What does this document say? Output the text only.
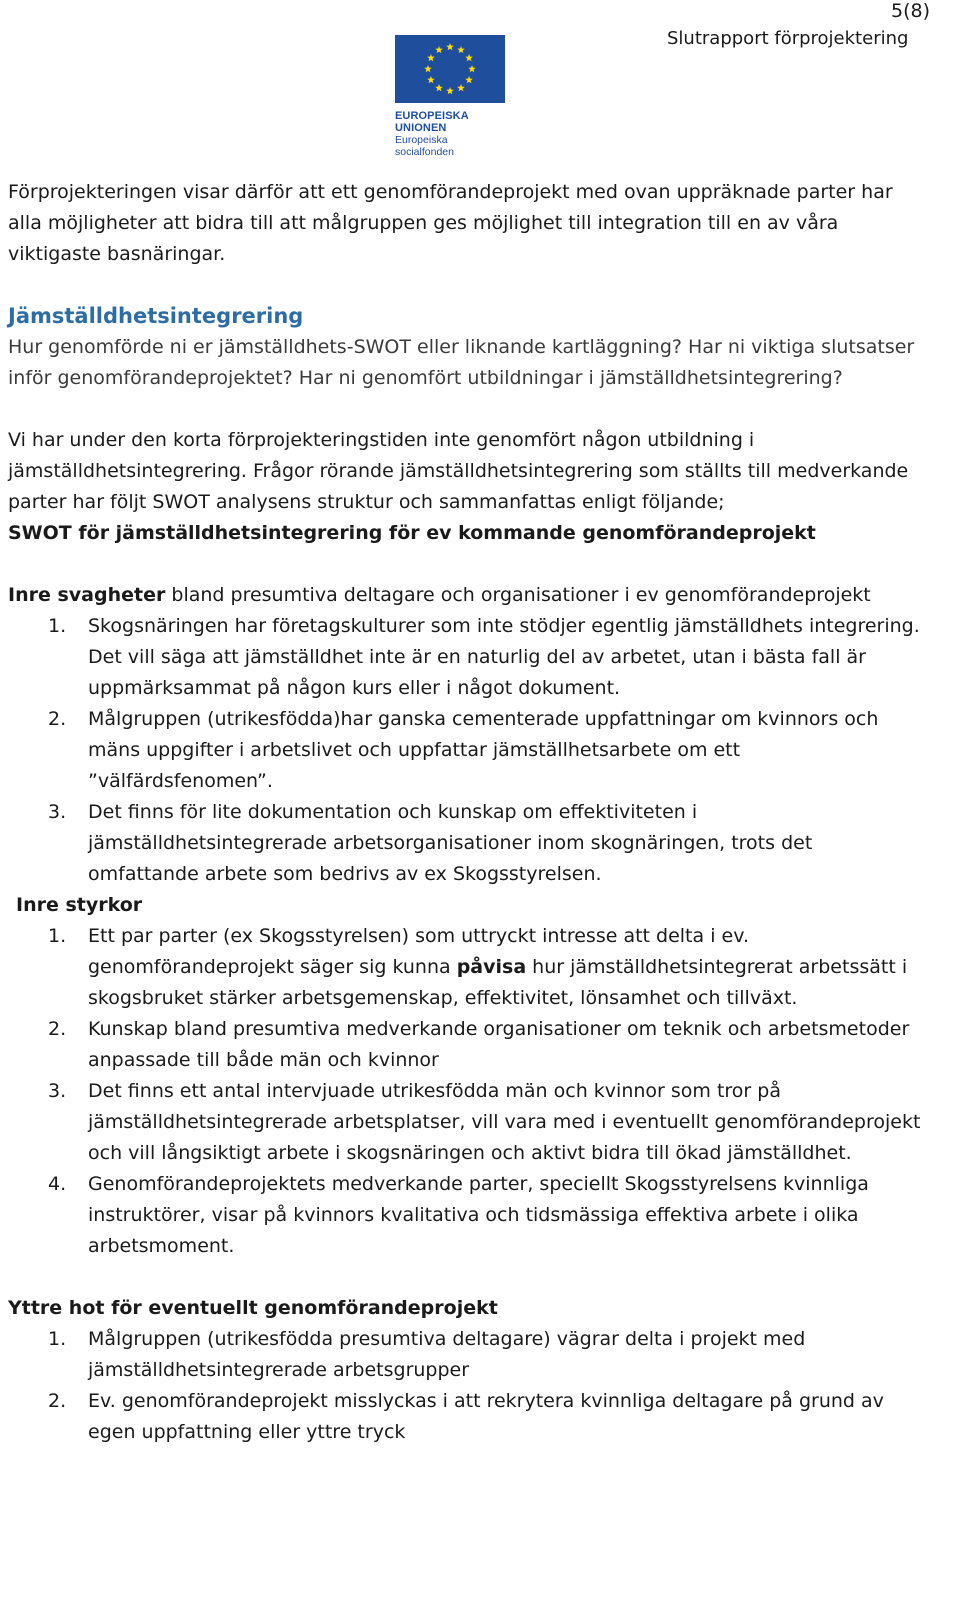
5(8)
Slutrapport förprojektering
EUROPEISKA UNIONEN
Europeiska socialfonden

Förprojekteringen visar därför att ett genomförandeprojekt med ovan uppräknade parter har alla möjligheter att bidra till att målgruppen ges möjlighet till integration till en av våra viktigaste basnäringar.

Jämställdhetsintegrering

Hur genomförde ni er jämställdhets-SWOT eller liknande kartläggning? Har ni viktiga slutsatser inför genomförandeprojektet? Har ni genomfört utbildningar i jämställdhetsintegrering?

Vi har under den korta förprojekteringstiden inte genomfört någon utbildning i jämställdhetsintegrering. Frågor rörande jämställdhetsintegrering som ställts till medverkande parter har följt SWOT analysens struktur och sammanfattas enligt följande;

SWOT för jämställdhetsintegrering för ev kommande genomförandeprojekt

Inre svagheter bland presumtiva deltagare och organisationer i ev genomförandeprojekt

1. Skogsnäringen har företagskulturer som inte stödjer egentlig jämställdhets integrering. Det vill säga att jämställdhet inte är en naturlig del av arbetet, utan i bästa fall är uppmärksammat på någon kurs eller i något dokument.
2. Målgruppen (utrikesfödda)har ganska cementerade uppfattningar om kvinnors och mäns uppgifter i arbetslivet och uppfattar jämställhetsarbete om ett ”välfärdsfenomen”.
3. Det finns för lite dokumentation och kunskap om effektiviteten i jämställdhetsintegrerade arbetsorganisationer inom skognäringen, trots det omfattande arbete som bedrivs av ex Skogsstyrelsen.

Inre styrkor

1. Ett par parter (ex Skogsstyrelsen) som uttryckt intresse att delta i ev. genomförandeprojekt säger sig kunna påvisa hur jämställdhetsintegrerat arbetssätt i skogsbruket stärker arbetsgemenskap, effektivitet, lönsamhet och tillväxt.
2. Kunskap bland presumtiva medverkande organisationer om teknik och arbetsmetoder anpassade till både män och kvinnor
3. Det finns ett antal intervjuade utrikesfödda män och kvinnor som tror på jämställdhetsintegrerade arbetsplatser, vill vara med i eventuellt genomförandeprojekt och vill långsiktigt arbete i skogsnäringen och aktivt bidra till ökad jämställdhet.
4. Genomförandeprojektets medverkande parter, speciellt Skogsstyrelsens kvinnliga instruktörer, visar på kvinnors kvalitativa och tidsmässiga effektiva arbete i olika arbetsmoment.

Yttre hot för eventuellt genomförandeprojekt

1. Målgruppen (utrikesfödda presumtiva deltagare) vägrar delta i projekt med jämställdhetsintegrerade arbetsgrupper
2. Ev. genomförandeprojekt misslyckas i att rekrytera kvinnliga deltagare på grund av egen uppfattning eller yttre tryck
